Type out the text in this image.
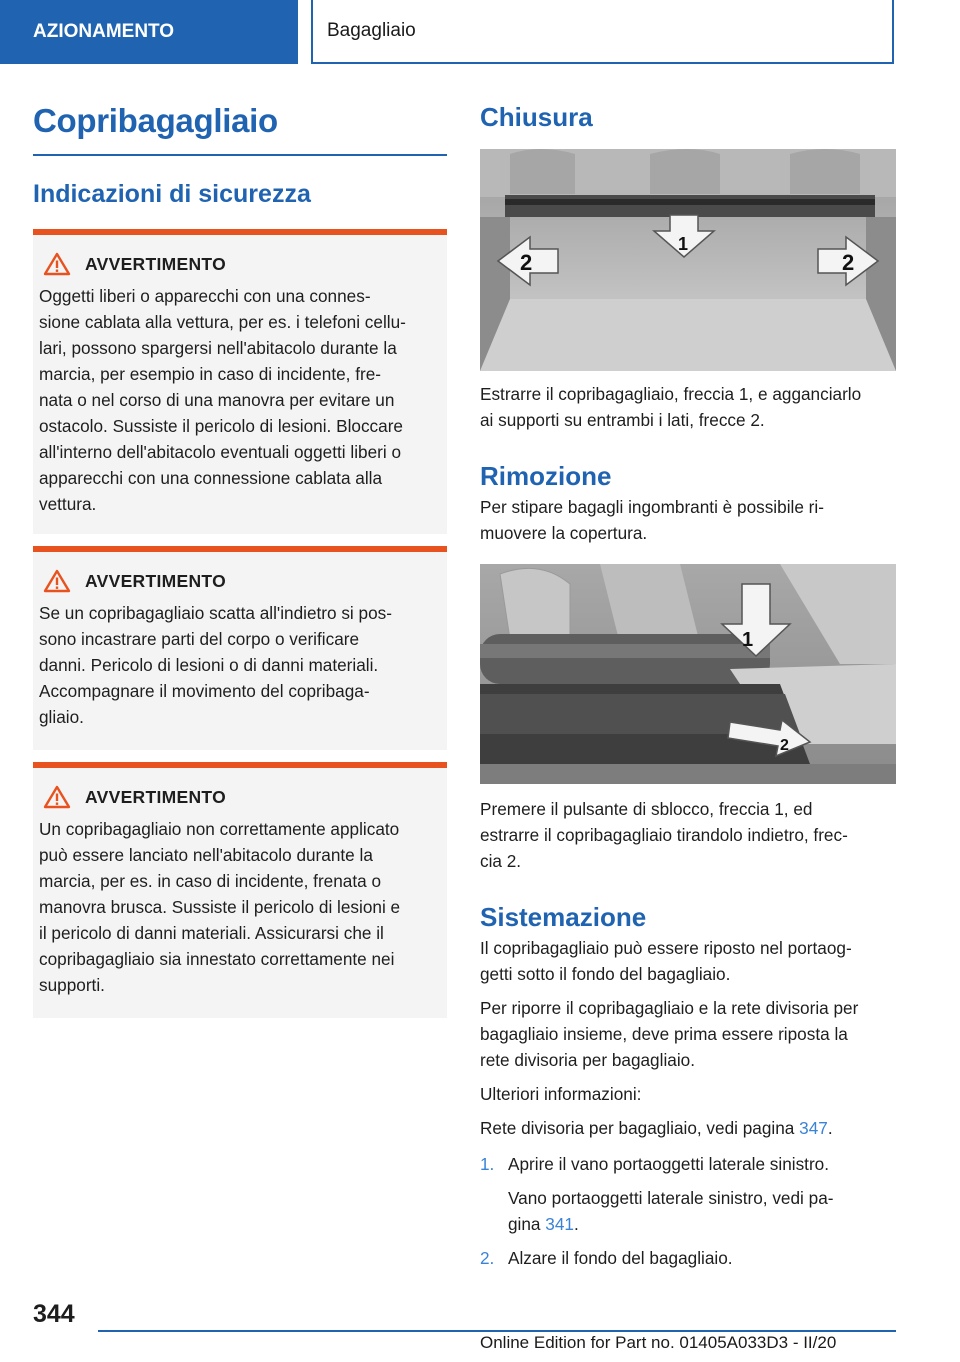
AZIONAMENTO	Bagagliaio
Copribagagliaio
Indicazioni di sicurezza
AVVERTIMENTO
Oggetti liberi o apparecchi con una connes-
sione cablata alla vettura, per es. i telefoni cellu-
lari, possono spargersi nell'abitacolo durante la
marcia, per esempio in caso di incidente, fre-
nata o nel corso di una manovra per evitare un
ostacolo. Sussiste il pericolo di lesioni. Bloccare
all'interno dell'abitacolo eventuali oggetti liberi o
apparecchi con una connessione cablata alla
vettura.
AVVERTIMENTO
Se un copribagagliaio scatta all'indietro si pos-
sono incastrare parti del corpo o verificare
danni. Pericolo di lesioni o di danni materiali.
Accompagnare il movimento del copribaga-
gliaio.
AVVERTIMENTO
Un copribagagliaio non correttamente applicato
può essere lanciato nell'abitacolo durante la
marcia, per es. in caso di incidente, frenata o
manovra brusca. Sussiste il pericolo di lesioni e
il pericolo di danni materiali. Assicurarsi che il
copribagagliaio sia innestato correttamente nei
supporti.
Chiusura
1
2	2

Estrarre il copribagagliaio, freccia 1, e agganciarlo

ai supporti su entrambi i lati, frecce 2.

Rimozione

Per stipare bagagli ingombranti è possibile ri-

muovere la copertura.

1
2

Premere il pulsante di sblocco, freccia 1, ed

estrarre il copribagagliaio tirandolo indietro, frec-

cia 2.

Sistemazione

Il copribagagliaio può essere riposto nel portaog-

getti sotto il fondo del bagagliaio.

Per riporre il copribagagliaio e la rete divisoria per

bagagliaio insieme, deve prima essere riposta la

rete divisoria per bagagliaio.

Ulteriori informazioni:

Rete divisoria per bagagliaio, vedi pagina 347.

1. Aprire il vano portaoggetti laterale sinistro.

Vano portaoggetti laterale sinistro, vedi pa-

gina 341.

2. Alzare il fondo del bagagliaio.
344
Online Edition for Part no. 01405A033D3 - II/20
